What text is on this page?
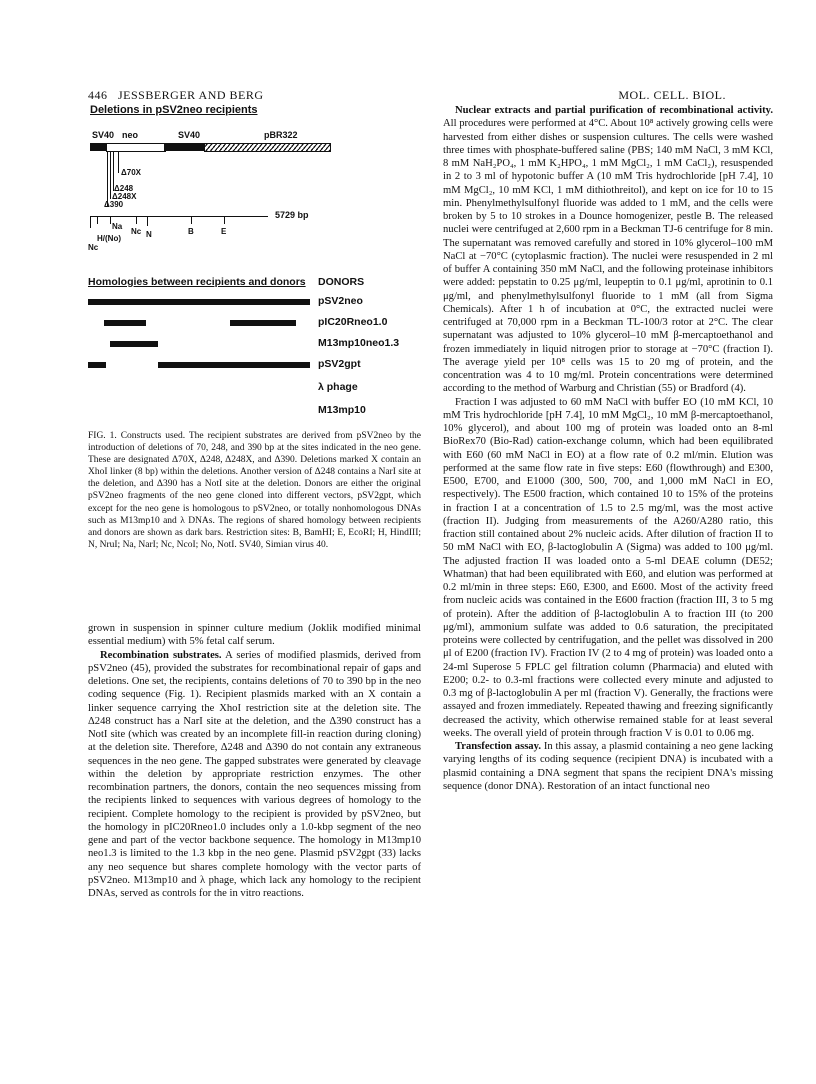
446 JESSBERGER AND BERG	MOL. CELL. BIOL.
Deletions in pSV2neo recipients
SV40 neo	SV40	pBR322
Δ70X
Δ248
Δ248X
Δ390
5729 bp
Na
Nc N	B	E
H/(No)
Nc
Homologies between recipients and donors DONORS
pSV2neo
pIC20Rneo1.0
M13mp10neo1.3
pSV2gpt
λ phage
M13mp10

FIG. 1. Constructs used. The recipient substrates are derived from pSV2neo by the introduction of deletions of 70, 248, and 390 bp at the sites indicated in the neo gene. These are designated Δ70X, Δ248, Δ248X, and Δ390. Deletions marked X contain an XhoI linker (8 bp) within the deletions. Another version of Δ248 contains a NarI site at the deletion, and Δ390 has a NotI site at the deletion. Donors are either the original pSV2neo fragments of the neo gene cloned into different vectors, pSV2gpt, which except for the neo gene is homologous to pSV2neo, or totally nonhomologous DNAs such as M13mp10 and λ DNAs. The regions of shared homology between recipients and donors are shown as dark bars. Restriction sites: B, BamHI; E, EcoRI; H, HindIII; N, NruI; Na, NarI; Nc, NcoI; No, NotI. SV40, Simian virus 40.

grown in suspension in spinner culture medium (Joklik modified minimal essential medium) with 5% fetal calf serum.

Recombination substrates. A series of modified plasmids, derived from pSV2neo (45), provided the substrates for recombinational repair of gaps and deletions. One set, the recipients, contains deletions of 70 to 390 bp in the neo coding sequence (Fig. 1). Recipient plasmids marked with an X contain a linker sequence carrying the XhoI restriction site at the deletion site. The Δ248 construct has a NarI site at the deletion, and the Δ390 construct has a NotI site (which was created by an incomplete fill-in reaction during cloning) at the deletion site. Therefore, Δ248 and Δ390 do not contain any extraneous sequences in the neo gene. The gapped substrates were generated by cleavage within the deletion by appropriate restriction enzymes. The other recombination partners, the donors, contain the neo sequences missing from the recipients linked to sequences with various degrees of homology to the recipient. Complete homology to the recipient is provided by pSV2neo, but the homology in pIC20Rneo1.0 includes only a 1.0-kbp segment of the neo gene and part of the vector backbone sequence. The homology in M13mp10 neo1.3 is limited to the 1.3 kbp in the neo gene. Plasmid pSV2gpt (33) lacks any neo sequence but shares complete homology with the vector parts of pSV2neo. M13mp10 and λ phage, which lack any homology to the recipient DNAs, served as controls for the in vitro reactions.

Nuclear extracts and partial purification of recombinational activity. All procedures were performed at 4°C. About 10⁸ actively growing cells were harvested from either dishes or suspension cultures. The cells were washed three times with phosphate-buffered saline (PBS; 140 mM NaCl, 3 mM KCl, 8 mM NaH₂PO₄, 1 mM K₂HPO₄, 1 mM MgCl₂, 1 mM CaCl₂), resuspended in 2 to 3 ml of hypotonic buffer A (10 mM Tris hydrochloride [pH 7.4], 10 mM MgCl₂, 10 mM KCl, 1 mM dithiothreitol), and kept on ice for 10 to 15 min. Phenylmethylsulfonyl fluoride was added to 1 mM, and the cells were broken by 5 to 10 strokes in a Dounce homogenizer, pestle B. The released nuclei were centrifuged at 2,600 rpm in a Beckman TJ-6 centrifuge for 8 min. The supernatant was removed carefully and stored in 10% glycerol–100 mM NaCl at −70°C (cytoplasmic fraction). The nuclei were resuspended in 2 ml of buffer A containing 350 mM NaCl, and the following proteinase inhibitors were added: pepstatin to 0.25 μg/ml, leupeptin to 0.1 μg/ml, aprotinin to 0.1 μg/ml, and phenylmethylsulfonyl fluoride to 1 mM (all from Sigma Chemicals). After 1 h of incubation at 0°C, the extracted nuclei were centrifuged at 70,000 rpm in a Beckman TL-100/3 rotor at 2°C. The clear supernatant was adjusted to 10% glycerol–10 mM β-mercaptoethanol and frozen immediately in liquid nitrogen prior to storage at −70°C (fraction I). The average yield per 10⁸ cells was 15 to 20 mg of protein, and the concentration was 4 to 10 mg/ml. Protein concentrations were determined according to the method of Warburg and Christian (55) or Bradford (4).

Fraction I was adjusted to 60 mM NaCl with buffer EO (10 mM KCl, 10 mM Tris hydrochloride [pH 7.4], 10 mM MgCl₂, 10 mM β-mercaptoethanol, 10% glycerol), and about 100 mg of protein was loaded onto an 8-ml BioRex70 (Bio-Rad) cation-exchange column, which had been equilibrated with E60 (60 mM NaCl in EO) at a flow rate of 0.2 ml/min. Elution was performed at the same flow rate in five steps: E60 (flowthrough) and E300, E500, E700, and E1000 (300, 500, 700, and 1,000 mM NaCl in EO, respectively). The E500 fraction, which contained 10 to 15% of the proteins in fraction I at a concentration of 1.5 to 2.5 mg/ml, was the most active (fraction II). Judging from measurements of the A260/A280 ratio, this fraction still contained about 2% nucleic acids. After dilution of fraction II to 50 mM NaCl with EO, β-lactoglobulin A (Sigma) was added to 100 μg/ml. The adjusted fraction II was loaded onto a 5-ml DEAE column (DE52; Whatman) that had been equilibrated with E60, and elution was performed at 0.2 ml/min in three steps: E60, E300, and E600. Most of the activity freed from nucleic acids was contained in the E600 fraction (fraction III, 3 to 5 mg of protein). After the addition of β-lactoglobulin A to fraction III (to 200 μg/ml), ammonium sulfate was added to 0.6 saturation, the precipitated proteins were collected by centrifugation, and the pellet was dissolved in 200 μl of E200 (fraction IV). Fraction IV (2 to 4 mg of protein) was loaded onto a 24-ml Superose 5 FPLC gel filtration column (Pharmacia) and eluted with E200; 0.2- to 0.3-ml fractions were collected every minute and adjusted to 0.3 mg of β-lactoglobulin A per ml (fraction V). Generally, the fractions were assayed and frozen immediately. Repeated thawing and freezing significantly decreased the activity, which otherwise remained stable for at least several weeks. The overall yield of protein through fraction V is 0.01 to 0.06 mg.

Transfection assay. In this assay, a plasmid containing a neo gene lacking varying lengths of its coding sequence (recipient DNA) is incubated with a plasmid containing a DNA segment that spans the recipient DNA's missing sequence (donor DNA). Restoration of an intact functional neo
